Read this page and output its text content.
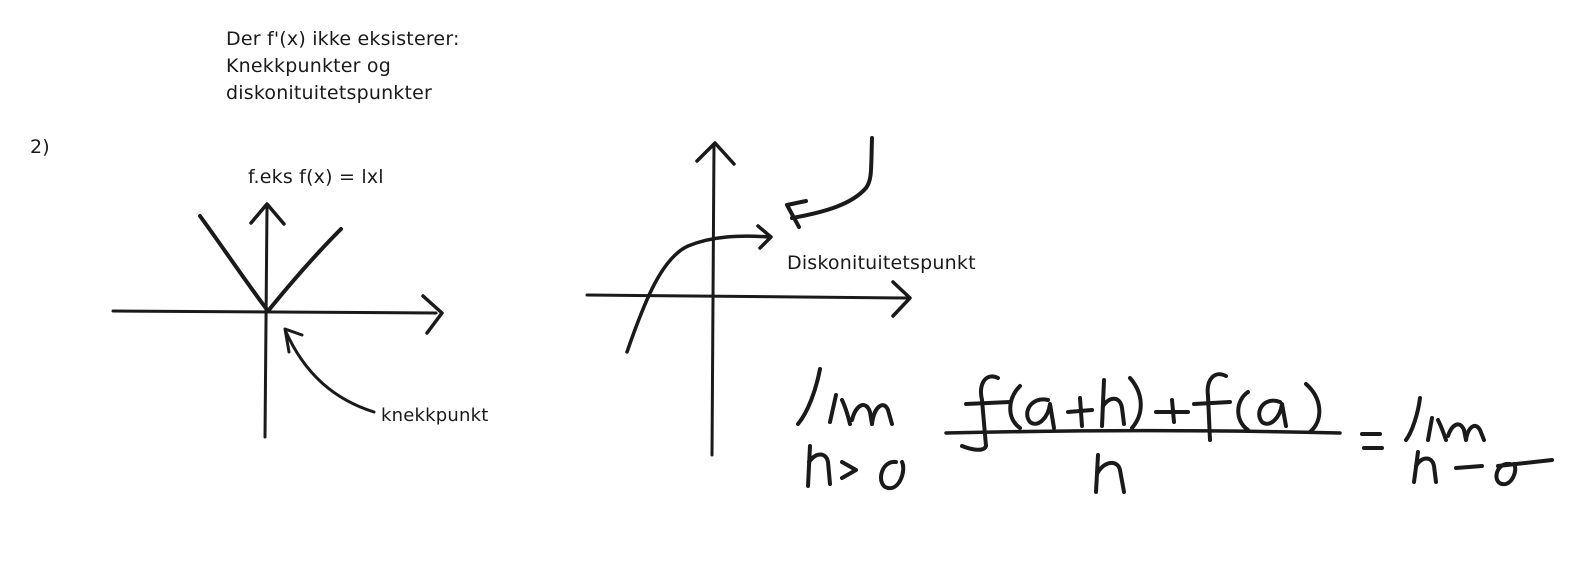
Der f'(x) ikke eksisterer:
Knekkpunkter og
diskonituitetspunkter
2)
f.eks f(x) = lxl
knekkpunkt
Diskonituitetspunkt
